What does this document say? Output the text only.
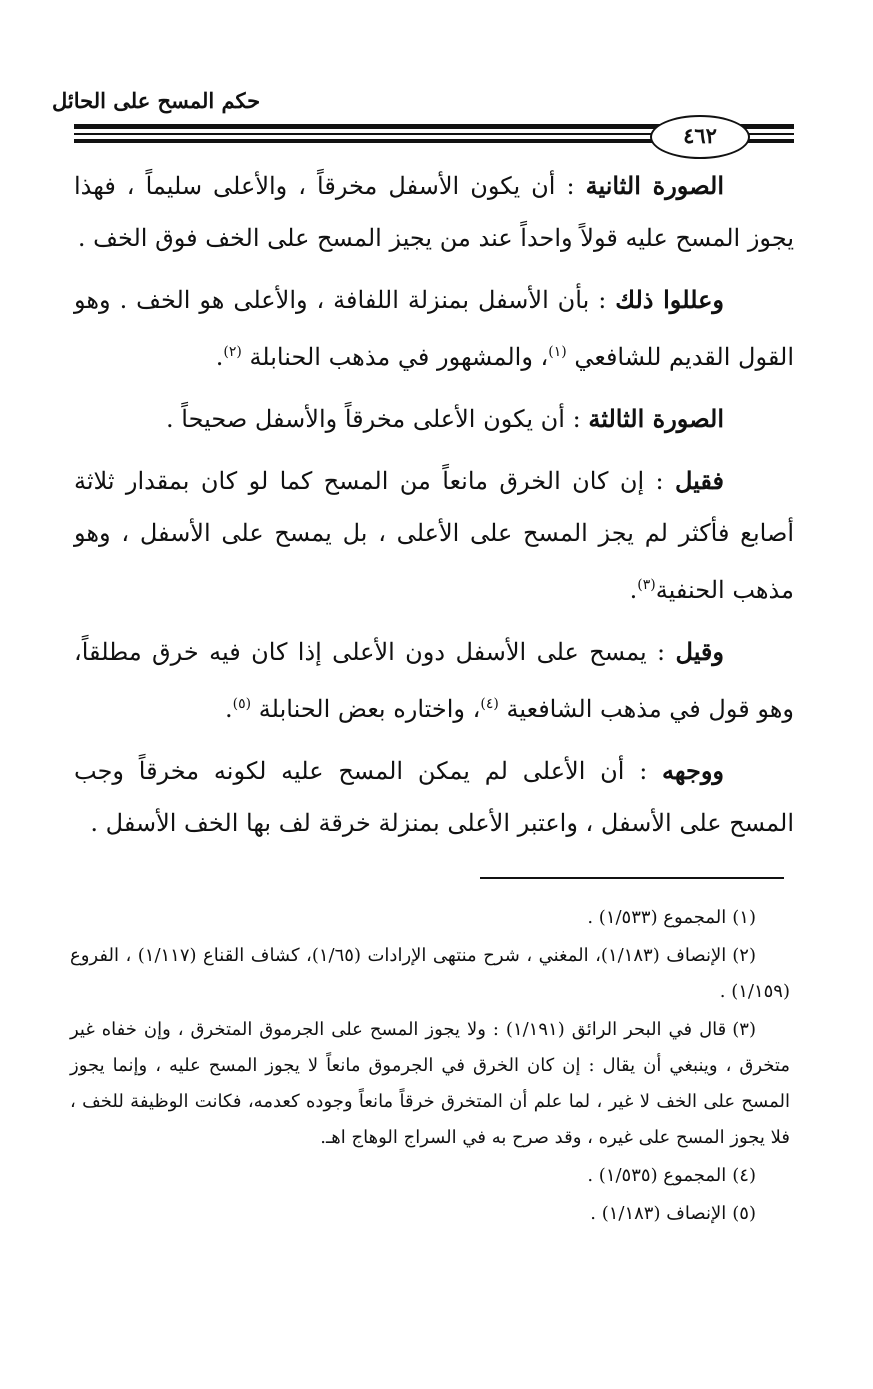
حكم المسح على الحائل
٤٦٢

الصورة الثانية : أن يكون الأسفل مخرقاً ، والأعلى سليماً ، فهذا يجوز المسح عليه قولاً واحداً عند من يجيز المسح على الخف فوق الخف .

وعللوا ذلك : بأن الأسفل بمنزلة اللفافة ، والأعلى هو الخف . وهو القول القديم للشافعي $^{(١)}$، والمشهور في مذهب الحنابلة $^{(٢)}$.

الصورة الثالثة : أن يكون الأعلى مخرقاً والأسفل صحيحاً .

فقيل : إن كان الخرق مانعاً من المسح كما لو كان بمقدار ثلاثة أصابع فأكثر لم يجز المسح على الأعلى ، بل يمسح على الأسفل ، وهو مذهب الحنفية$^{(٣)}$.

وقيل : يمسح على الأسفل دون الأعلى إذا كان فيه خرق مطلقاً، وهو قول في مذهب الشافعية $^{(٤)}$، واختاره بعض الحنابلة $^{(٥)}$.

ووجهه : أن الأعلى لم يمكن المسح عليه لكونه مخرقاً وجب المسح على الأسفل ، واعتبر الأعلى بمنزلة خرقة لف بها الخف الأسفل .

(١)المجموع (١/٥٣٣) .

(٢)الإنصاف (١/١٨٣)، المغني ، شرح منتهى الإرادات (١/٦٥)، كشاف القناع (١/١١٧) ، الفروع (١/١٥٩) .

(٣)قال في البحر الرائق (١/١٩١) : ولا يجوز المسح على الجرموق المتخرق ، وإن خفاه غير متخرق ، وينبغي أن يقال : إن كان الخرق في الجرموق مانعاً لا يجوز المسح عليه ، وإنما يجوز المسح على الخف لا غير ، لما علم أن المتخرق خرقاً مانعاً وجوده كعدمه، فكانت الوظيفة للخف ، فلا يجوز المسح على غيره ، وقد صرح به في السراج الوهاج اهـ.

(٤)المجموع (١/٥٣٥) .

(٥)الإنصاف (١/١٨٣) .
